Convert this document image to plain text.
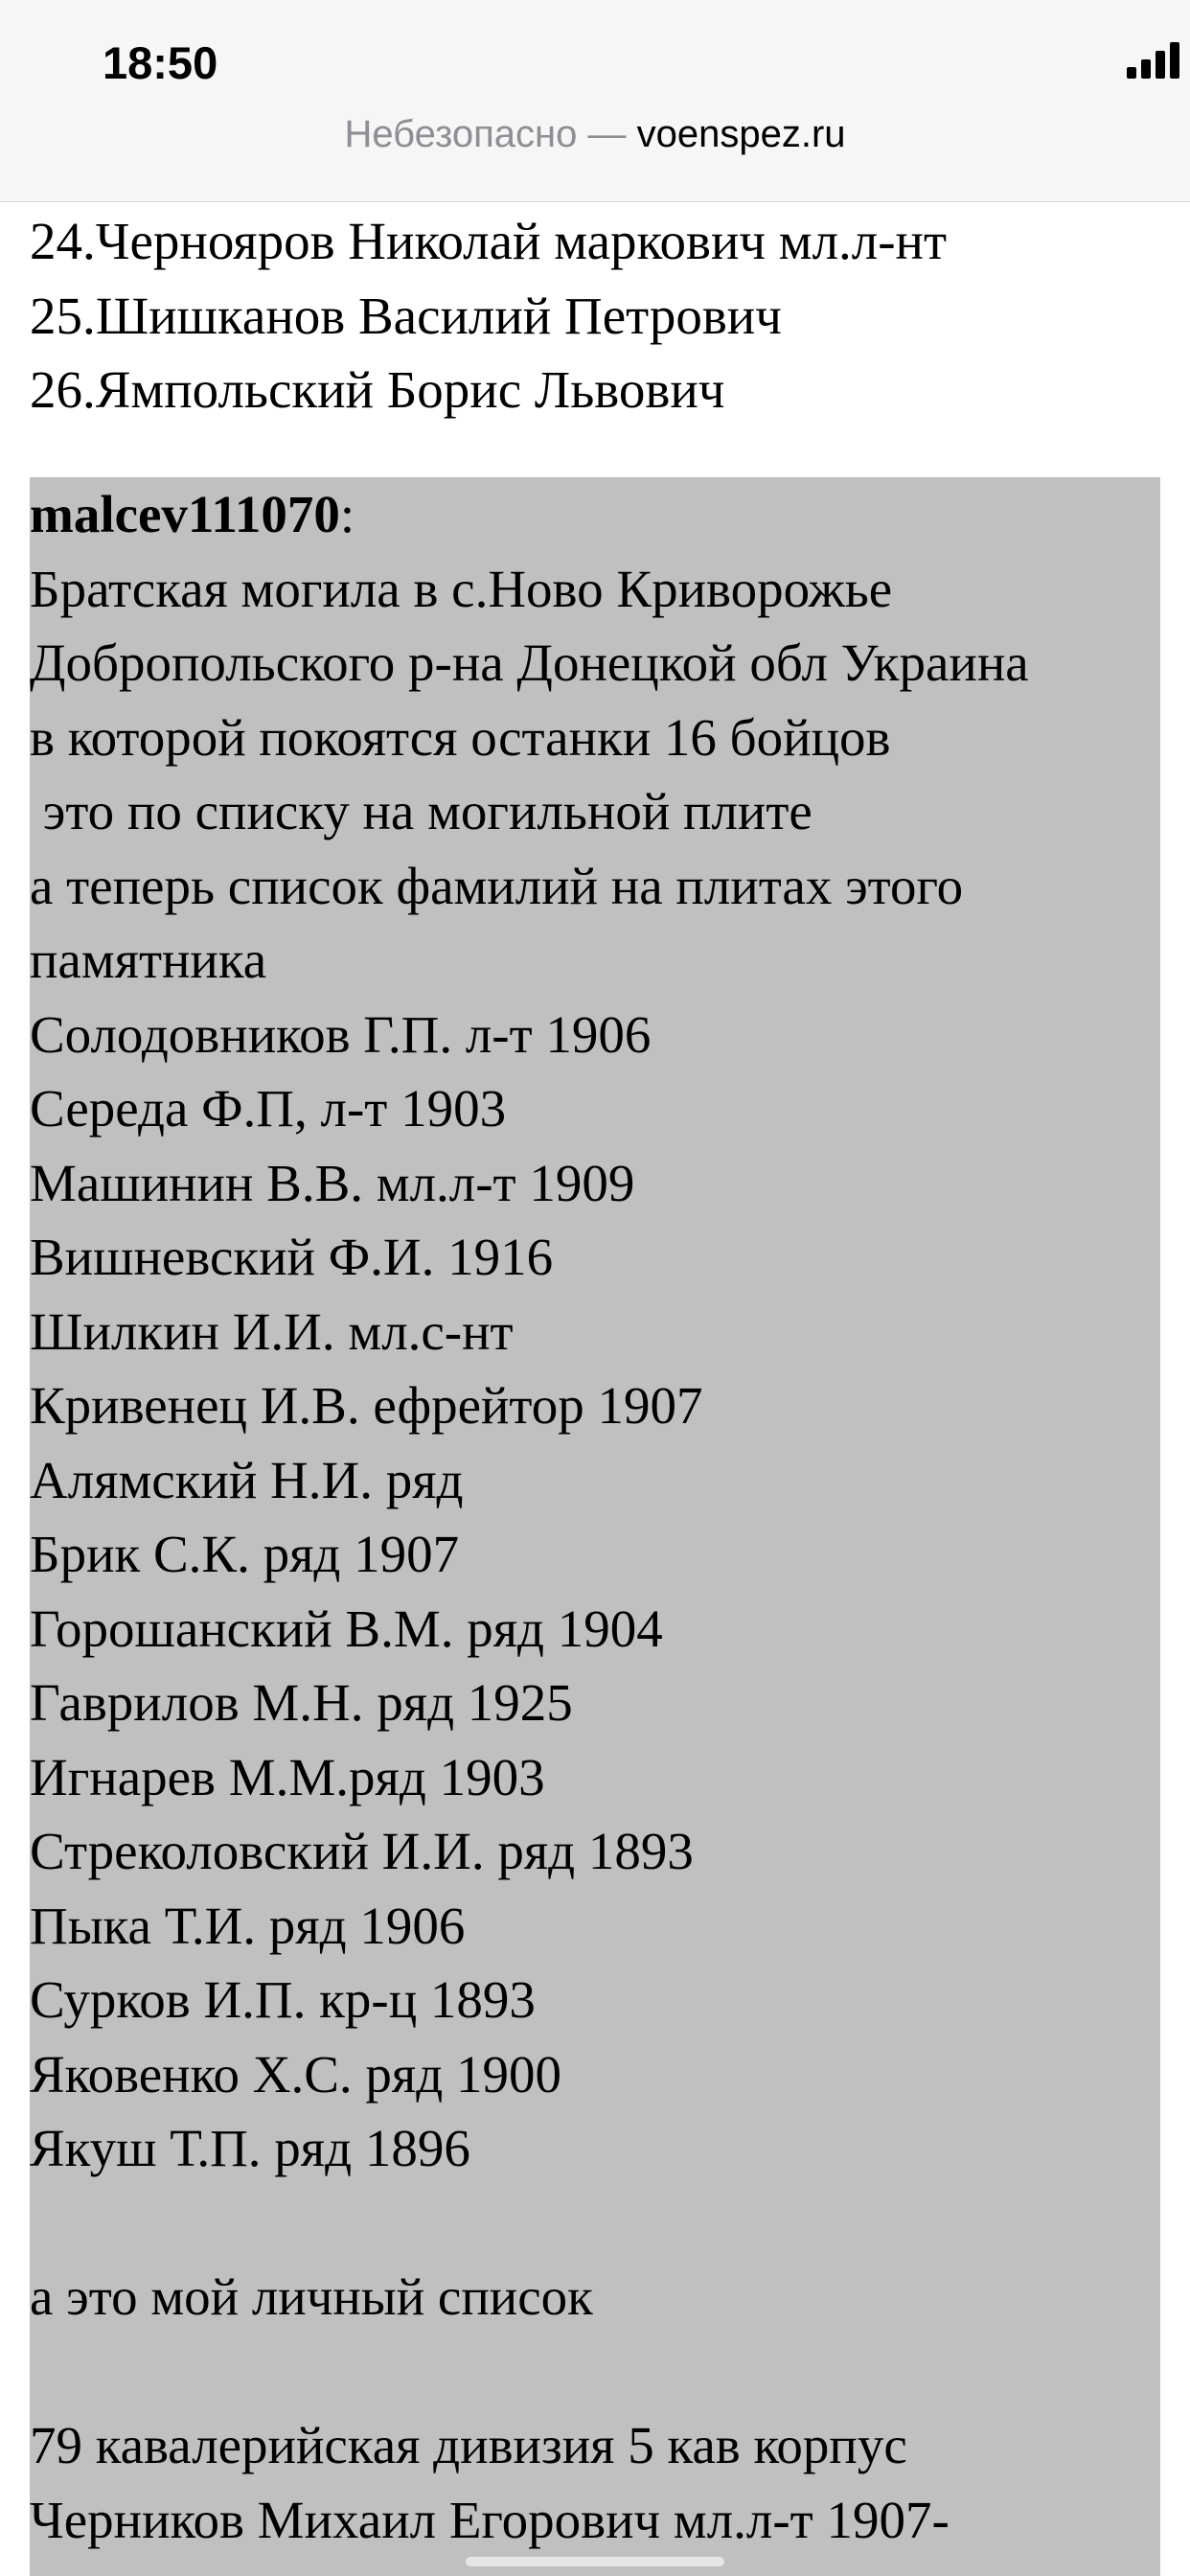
18:50
Небезопасно — voenspez.ru
24.Чернояров Николай маркович мл.л-нт
25.Шишканов Василий Петрович
26.Ямпольский Борис Львович
malcev111070:
Братская могила в с.Ново Криворожье
Добропольского р-на Донецкой обл Украина
в которой покоятся останки 16 бойцов
это по списку на могильной плите
а теперь список фамилий на плитах этого
памятника
Солодовников Г.П. л-т 1906
Середа Ф.П, л-т 1903
Машинин В.В. мл.л-т 1909
Вишневский Ф.И. 1916
Шилкин И.И. мл.с-нт
Кривенец И.В. ефрейтор 1907
Алямский Н.И. ряд
Брик С.К. ряд 1907
Горошанский В.М. ряд 1904
Гаврилов М.Н. ряд 1925
Игнарев М.М.ряд 1903
Стреколовский И.И. ряд 1893
Пыка Т.И. ряд 1906
Сурков И.П. кр-ц 1893
Яковенко Х.С. ряд 1900
Якуш Т.П. ряд 1896
а это мой личный список
79 кавалерийская дивизия 5 кав корпус
Черников Михаил Егорович мл.л-т 1907-
